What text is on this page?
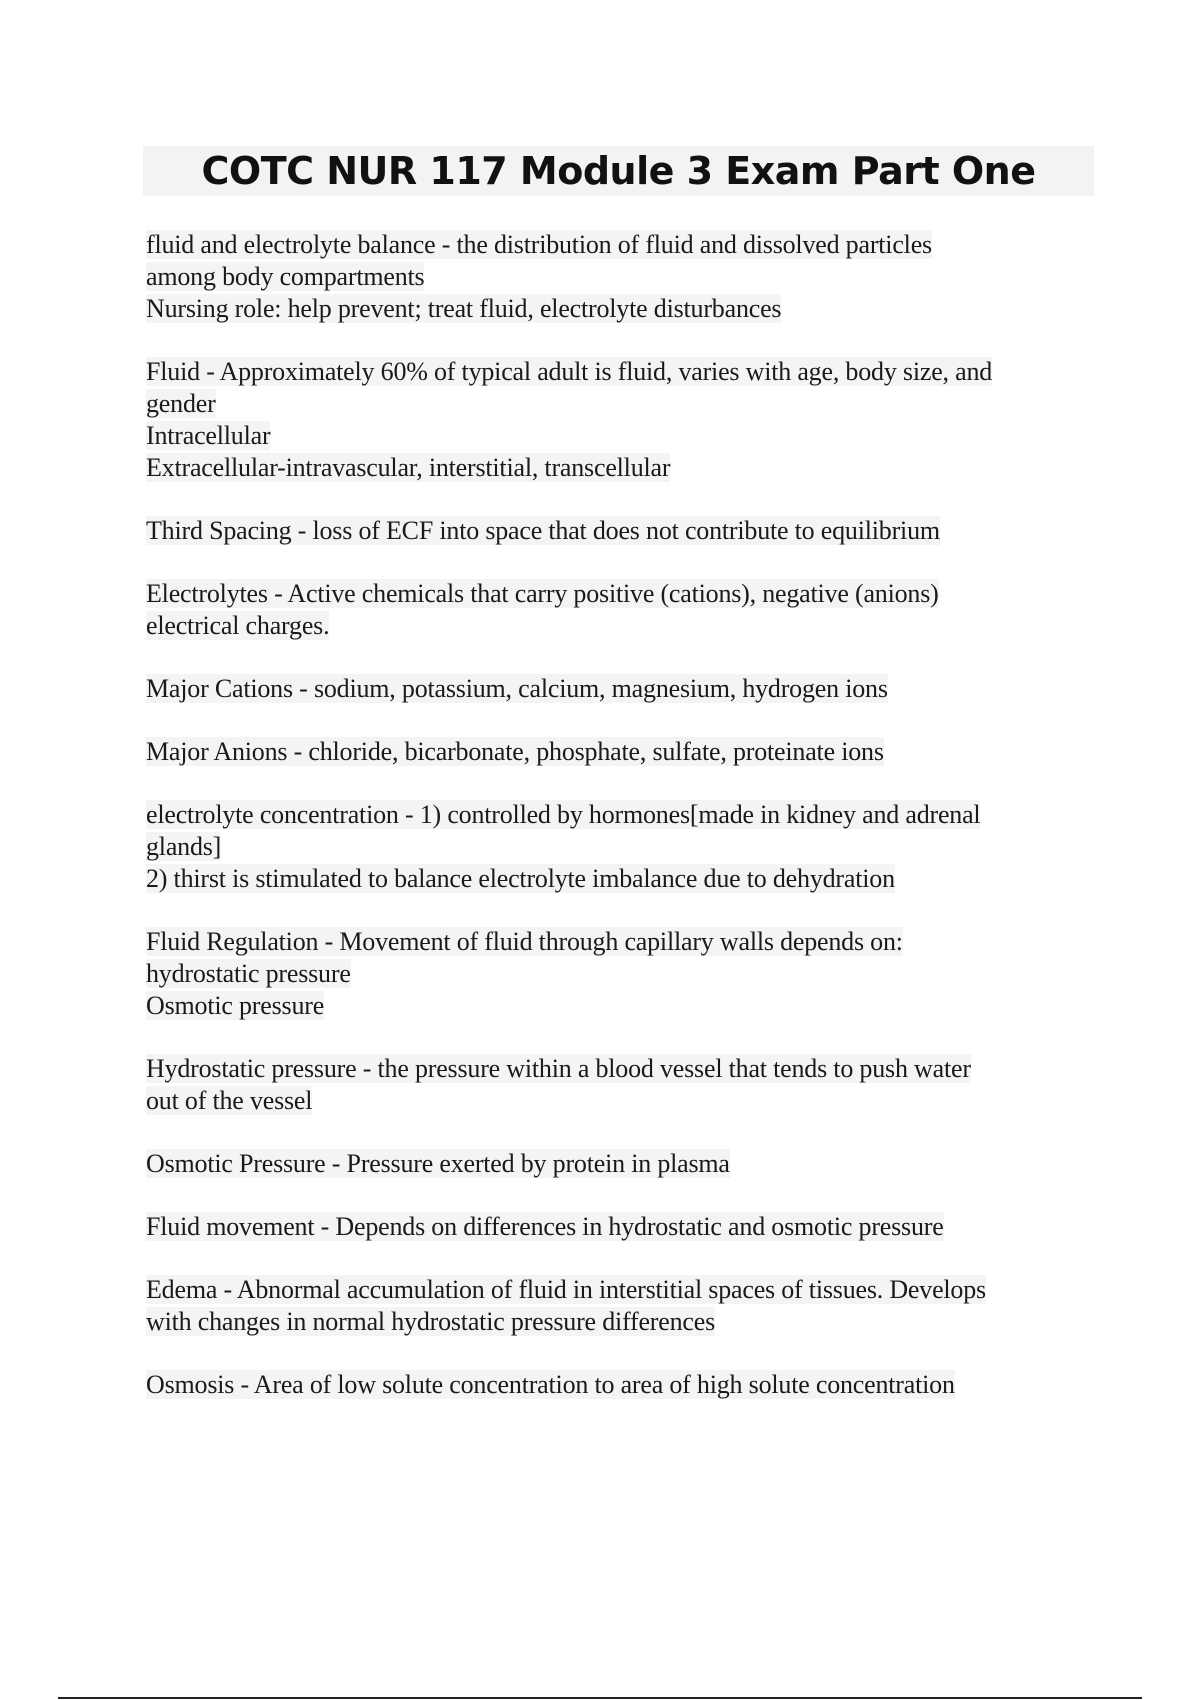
COTC NUR 117 Module 3 Exam Part One
fluid and electrolyte balance - the distribution of fluid and dissolved particles
among body compartments
Nursing role: help prevent; treat fluid, electrolyte disturbances
Fluid - Approximately 60% of typical adult is fluid, varies with age, body size, and
gender
Intracellular
Extracellular-intravascular, interstitial, transcellular
Third Spacing - loss of ECF into space that does not contribute to equilibrium
Electrolytes - Active chemicals that carry positive (cations), negative (anions)
electrical charges.
Major Cations - sodium, potassium, calcium, magnesium, hydrogen ions
Major Anions - chloride, bicarbonate, phosphate, sulfate, proteinate ions
electrolyte concentration - 1) controlled by hormones[made in kidney and adrenal
glands]
2) thirst is stimulated to balance electrolyte imbalance due to dehydration
Fluid Regulation - Movement of fluid through capillary walls depends on:
hydrostatic pressure
Osmotic pressure
Hydrostatic pressure - the pressure within a blood vessel that tends to push water
out of the vessel
Osmotic Pressure - Pressure exerted by protein in plasma
Fluid movement - Depends on differences in hydrostatic and osmotic pressure
Edema - Abnormal accumulation of fluid in interstitial spaces of tissues. Develops
with changes in normal hydrostatic pressure differences
Osmosis - Area of low solute concentration to area of high solute concentration
